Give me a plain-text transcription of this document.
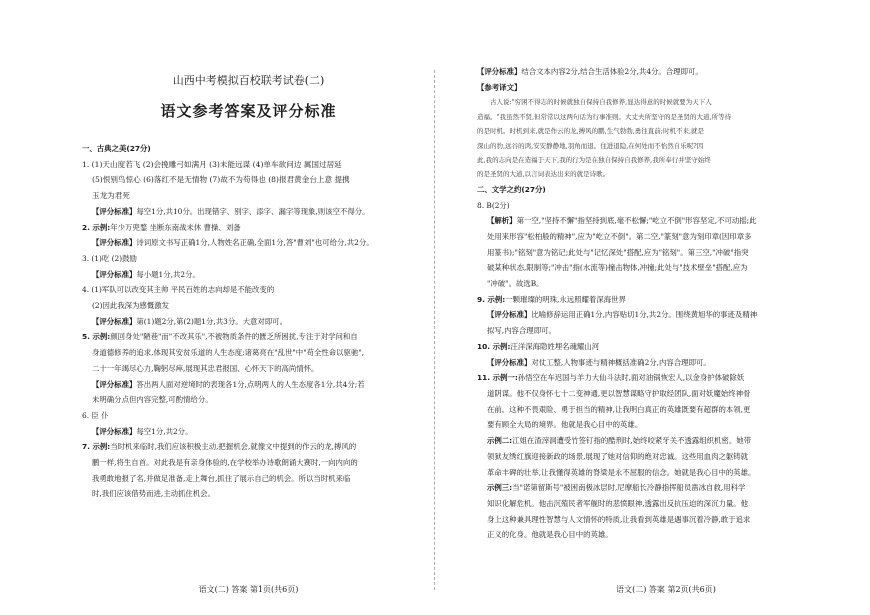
山西中考模拟百校联考试卷(二)
语文参考答案及评分标准

一、古典之美(27分)

1. (1)天山度若飞 (2)会挽雕弓如满月 (3)未能远谋 (4)单车欲问边 属国过居延

(5)恨别鸟惊心 (6)落红不是无情物 (7)故不为苟得也 (8)报君黄金台上意 提携

玉龙为君死

【评分标准】每空1分,共10分。出现错字、别字、添字、漏字等现象,则该空不得分。

2. 示例:年少万兜鍪 坐断东南战未休 曹操、刘备

【评分标准】诗词原文书写正确1分,人物姓名正确,全面1分,答"曹刘"也可给分,共2分。

3. (1)吃 (2)鼓励

【评分标准】每小题1分,共2分。

4. (1)军队可以改变其主帅 平民百姓的志向却是不能改变的

(2)因此我深为感慨激发

【评分标准】第(1)题2分,第(2)题1分,共3分。大意对即可。

5. 示例:颜回身处"陋巷"而"不改其乐",不被物质条件的匮乏所困扰,专注于对学问和自

身道德修养的追求,体现其安贫乐道的人生态度;诸葛亮在"乱世"中"苟全性命以驱驰",

二十一年竭尽心力,鞠躬尽瘁,展现其忠君报国、心怀天下的高尚情怀。

【评分标准】答出两人面对逆境时的表现各1分,点明两人的人生态度各1分,共4分;若

未明确分点但内容完整,可酌情给分。

6. 臣 仆

【评分标准】每空1分,共2分。

7. 示例:当时机来临时,我们应该积极主动,把握机会,就像文中提到的作云的龙,搏风的

鹏一样,将生自首。对此我是有亲身体验的,在学校举办诗歌朗诵大赛时,一向内向的

我勇敢地报了名,并做足准备,走上舞台,抓住了展示自己的机会。所以当时机来临

时,我们应该借势而进,主动抓住机会。

语文(二) 答案 第1页(共6页)

【评分标准】结合文本内容2分,结合生活体验2分,共4分。合理即可。

【参考译文】

古人说:"穷困不得志的时候就独自保持自我修养,显达得意的时候就要为天下人

造福。"我虽然不贤,但常常以这两句话为行事准则。大丈夫所坚守的是圣贤的大道,所等待

的是时机。时机到来,就是作云的龙,搏风的鹏,生气勃勃,勇往直前;时机不来,就是

深山的豹,远谷的鸿,安安静静地,羽角而退。住进退隐,在何处而不怡然自乐呢?因

此,我的志向是在造福于天下,我的行为是在独自保持自我修养,我所奉行并坚守始终

的是圣贤的大道,以言词表达出来的就是诗歌。

二、文学之约(27分)

8. B(2分)

【解析】第一空,"坚持不懈"指坚持到底,毫不松懈;"屹立不倒"形容坚定,不可动摇;此

处用来形容"松柏般的精神",应为"屹立不倒"。第二空,"篆刻"意为刻印章(因印章多

用篆书);"铭刻"意为铭记;此处与"记忆深处"搭配,应为"铭刻"。第三空,"冲破"指突

破某种状态,限制等;"冲击"指(水流等)撞击物体,冲撞;此处与"技术壁垒"搭配,应为

"冲破"。故选B。

9. 示例:一颗璀璨的明珠,永远照耀着深海世界

【评分标准】比喻修辞运用正确1分,内容贴切1分,共2分。围绕黄旭华的事迹及精神

拟写,内容合理即可。

10. 示例:汪洋深海隐姓埋名魂耀山河

【评分标准】对仗工整,人物事迹与精神概括准确2分,内容合理即可。

11. 示例一:孙悟空在车迟国与羊力大仙斗法时,面对油锅恢宏人,以金身护体破除妖

道阴谋。他不仅身怀七十二变神通,更以智慧谋略守护取经团队,面对妖魔始终神骨

在前。这种不畏艰险、勇于担当的精神,让我明白真正的英雄既要有超群的本领,更

要有顾全大局的境界。他就是我心目中的英雄。

示例二:江姐在渣滓洞遭受竹签钉指的酷刑时,始终咬紧牙关不透露组织机密。她带

领狱友绣红旗迎接新政的场景,展现了她对信仰的绝对忠诚。这些用血肉之躯铸就

革命丰碑的壮举,让我懂得英雄的脊梁是永不屈服的信念。她就是我心目中的英雄。

示例三:当"诺第留斯号"被困南极冰层时,尼摩船长冷静指挥船员凿冰自救,用科学

知识化解危机。他击沉殖民者军舰时的悲愤眼神,透露出反抗压迫的深沉力量。他

身上这种兼具理性智慧与人文情怀的特质,让我看到英雄是遇事沉着冷静,敢于追求

正义的化身。他就是我心目中的英雄。

语文(二) 答案 第2页(共6页)
